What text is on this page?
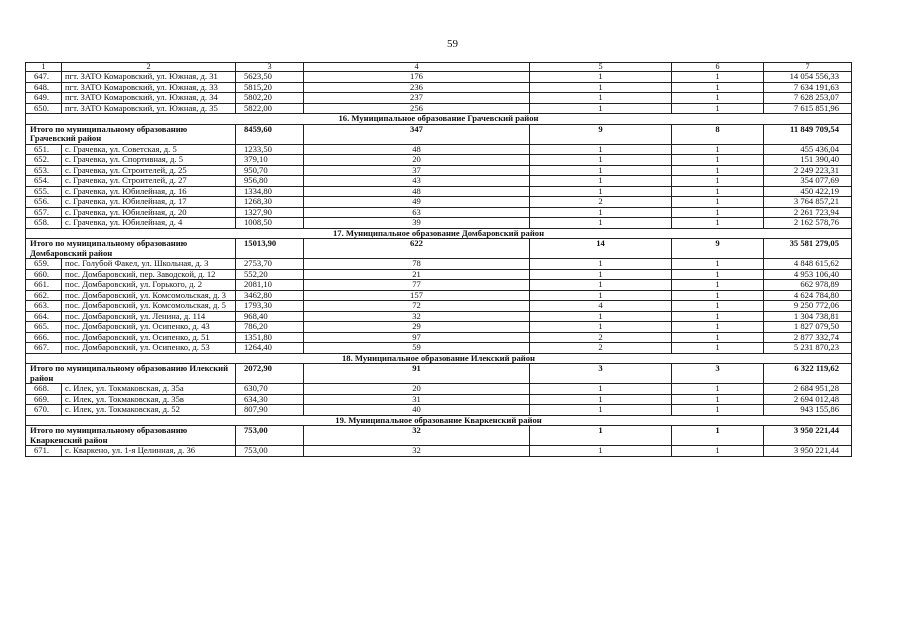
59
1	2	3	4	5	6	7
647.	пгт. ЗАТО Комаровский, ул. Южная, д. 31	5623,50	176	1	1	14 054 556,33
648.	пгт. ЗАТО Комаровский, ул. Южная, д. 33	5815,20	236	1	1	7 634 191,63
649.	пгт. ЗАТО Комаровский, ул. Южная, д. 34	5802,20	237	1	1	7 628 253,07
650.	пгт. ЗАТО Комаровский, ул. Южная, д. 35	5822,00	256	1	1	7 615 851,96
16. Муниципальное образование Грачевский район						
Итого по муниципальному образованию Грачевский район		8459,60	347	9	8	11 849 709,54
651.	с. Грачевка, ул. Советская, д. 5	1233,50	48	1	1	455 436,04
652.	с. Грачевка, ул. Спортивная, д. 5	379,10	20	1	1	151 390,40
653.	с. Грачевка, ул. Строителей, д. 25	950,70	37	1	1	2 249 223,31
654.	с. Грачевка, ул. Строителей, д. 27	956,80	43	1	1	354 077,69
655.	с. Грачевка, ул. Юбилейная, д. 16	1334,80	48	1	1	450 422,19
656.	с. Грачевка, ул. Юбилейная, д. 17	1268,30	49	2	1	3 764 857,21
657.	с. Грачевка, ул. Юбилейная, д. 20	1327,90	63	1	1	2 261 723,94
658.	с. Грачевка, ул. Юбилейная, д. 4	1008,50	39	1	1	2 162 578,76
17. Муниципальное образование Домбаровский район						
Итого по муниципальному образованию Домбаровский район		15013,90	622	14	9	35 581 279,05
659.	пос. Голубой Факел, ул. Школьная, д. 3	2753,70	78	1	1	4 848 615,62
660.	пос. Домбаровский, пер. Заводской, д. 12	552,20	21	1	1	4 953 106,40
661.	пос. Домбаровский, ул. Горького, д. 2	2081,10	77	1	1	662 978,89
662.	пос. Домбаровский, ул. Комсомольская, д. 3	3462,80	157	1	1	4 624 784,80
663.	пос. Домбаровский, ул. Комсомольская, д. 5	1793,30	72	4	1	9 250 772,06
664.	пос. Домбаровский, ул. Ленина, д. 114	968,40	32	1	1	1 304 738,81
665.	пос. Домбаровский, ул. Осипенко, д. 43	786,20	29	1	1	1 827 079,50
666.	пос. Домбаровский, ул. Осипенко, д. 51	1351,80	97	2	1	2 877 332,74
667.	пос. Домбаровский, ул. Осипенко, д. 53	1264,40	59	2	1	5 231 870,23
18. Муниципальное образование Илекский район						
Итого по муниципальному образованию Илекский район		2072,90	91	3	3	6 322 119,62
668.	с. Илек, ул. Токмаковская, д. 35а	630,70	20	1	1	2 684 951,28
669.	с. Илек, ул. Токмаковская, д. 35в	634,30	31	1	1	2 694 012,48
670.	с. Илек, ул. Токмаковская, д. 52	807,90	40	1	1	943 155,86
19. Муниципальное образование Кваркенский район						
Итого по муниципальному образованию Кваркенский район		753,00	32	1	1	3 950 221,44
671.	с. Кваркено, ул. 1-я Целинная, д. 36	753,00	32	1	1	3 950 221,44
